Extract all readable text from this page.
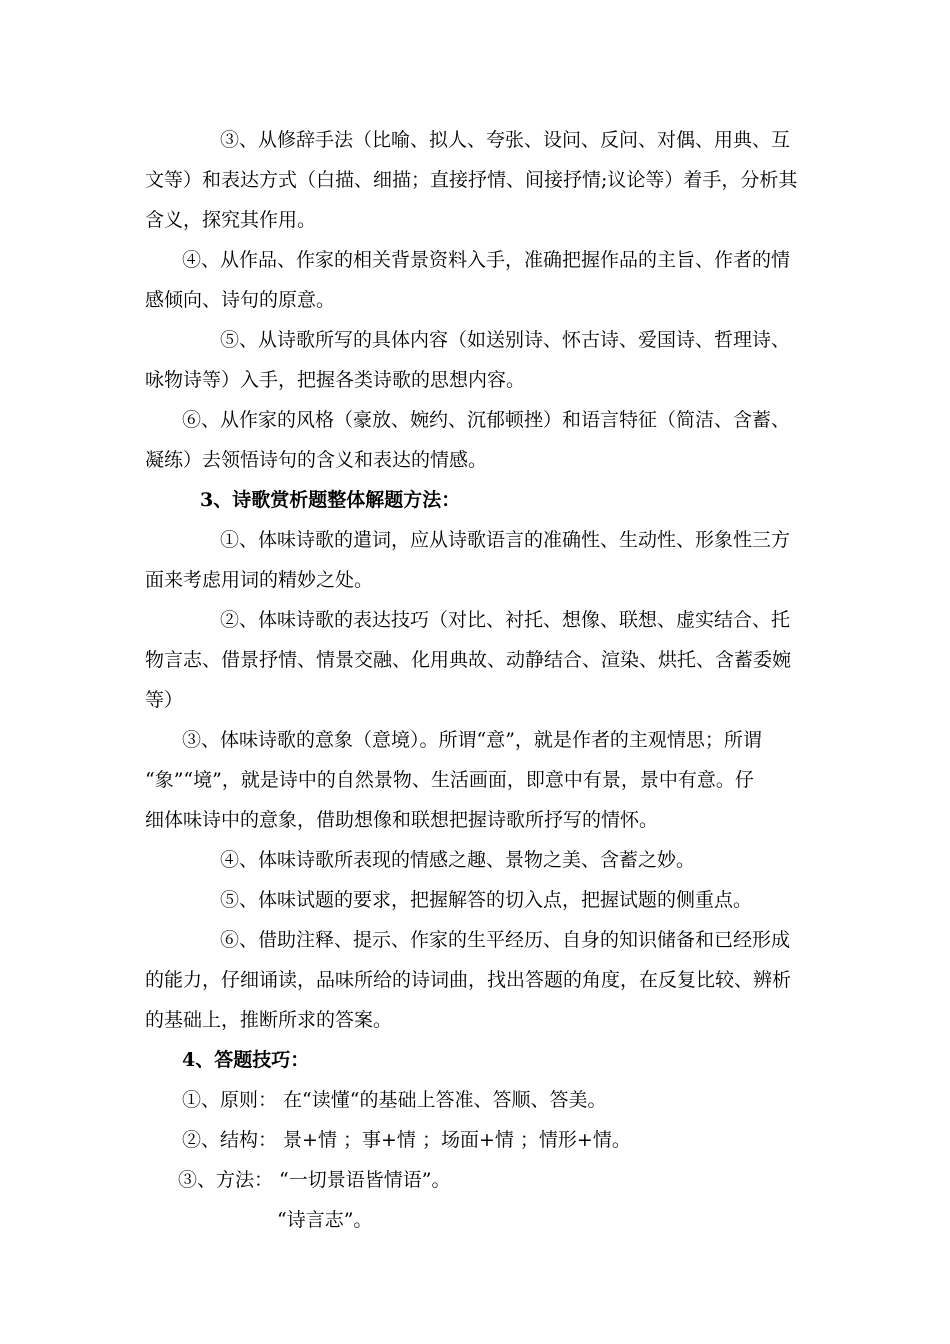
③、从修辞手法（比喻、拟人、夸张、设问、反问、对偶、用典、互

文等）和表达方式（白描、细描；直接抒情、间接抒情;议论等）着手，分析其

含义，探究其作用。

④、从作品、作家的相关背景资料入手，准确把握作品的主旨、作者的情

感倾向、诗句的原意。

⑤、从诗歌所写的具体内容（如送别诗、怀古诗、爱国诗、哲理诗、

咏物诗等）入手，把握各类诗歌的思想内容。

⑥、从作家的风格（豪放、婉约、沉郁顿挫）和语言特征（简洁、含蓄、

凝练）去领悟诗句的含义和表达的情感。

3、诗歌赏析题整体解题方法：

①、体味诗歌的遣词，应从诗歌语言的准确性、生动性、形象性三方

面来考虑用词的精妙之处。

②、体味诗歌的表达技巧（对比、衬托、想像、联想、虚实结合、托

物言志、借景抒情、情景交融、化用典故、动静结合、渲染、烘托、含蓄委婉

等）

③、体味诗歌的意象（意境）。所谓“意”，就是作者的主观情思；所谓

“象”“境”，就是诗中的自然景物、生活画面，即意中有景，景中有意。仔

细体味诗中的意象，借助想像和联想把握诗歌所抒写的情怀。

④、体味诗歌所表现的情感之趣、景物之美、含蓄之妙。

⑤、体味试题的要求，把握解答的切入点，把握试题的侧重点。

⑥、借助注释、提示、作家的生平经历、自身的知识储备和已经形成

的能力，仔细诵读，品味所给的诗词曲，找出答题的角度，在反复比较、辨析

的基础上，推断所求的答案。

4、答题技巧：

①、原则： 在“读懂“的基础上答准、答顺、答美。

②、结构： 景+情 ；事+情 ；场面+情 ；情形+情。

③、方法： “一切景语皆情语”。

“诗言志”。
